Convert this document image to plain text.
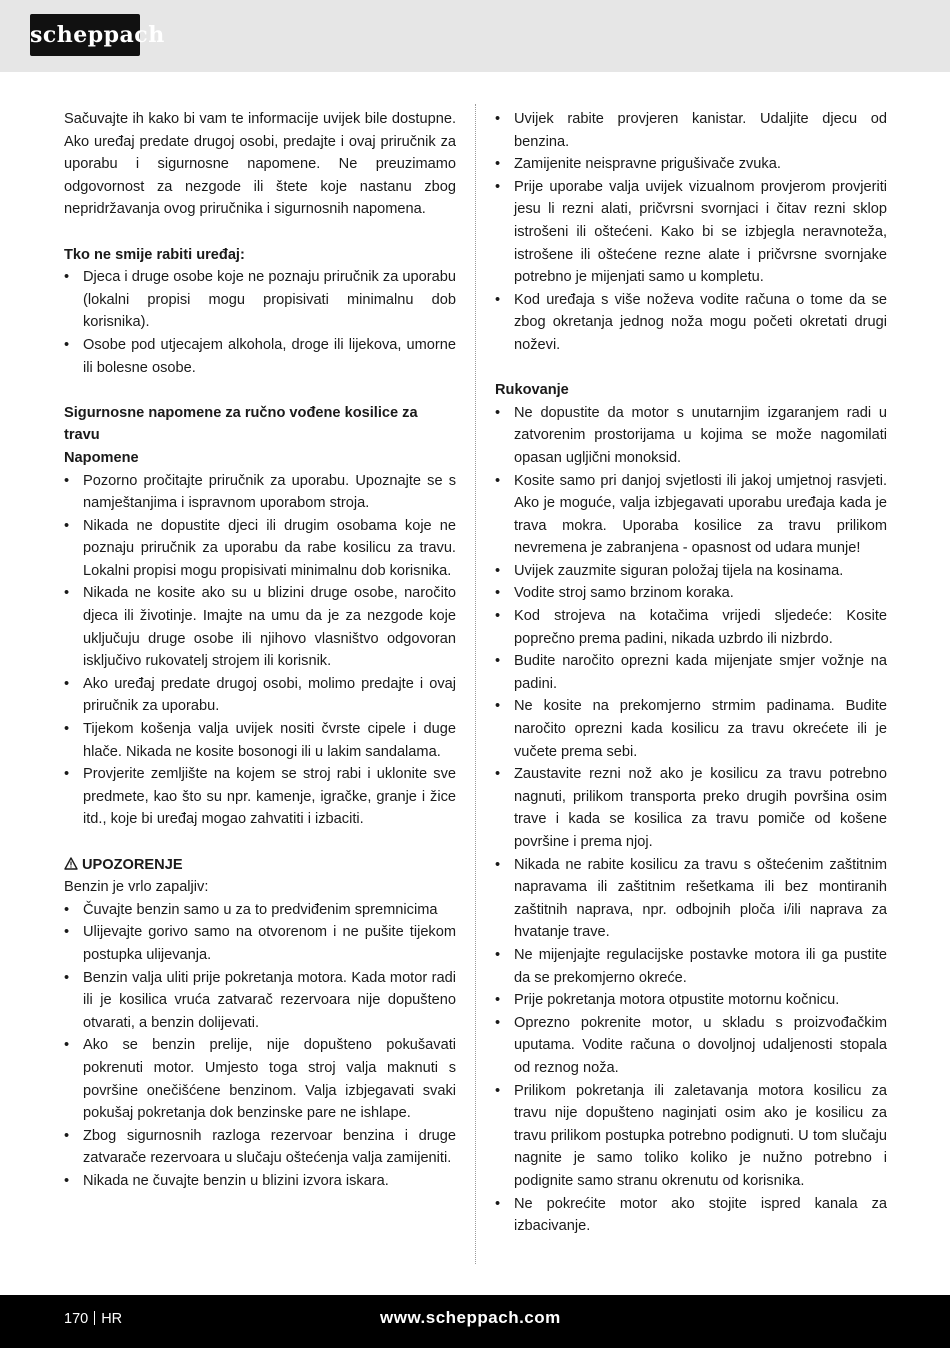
scheppach

Sačuvajte ih kako bi vam te informacije uvijek bile dostupne. Ako uređaj predate drugoj osobi, predajte i ovaj priručnik za uporabu i sigurnosne napomene. Ne preuzimamo odgovornost za nezgode ili štete koje nastanu zbog nepridržavanja ovog priručnika i sigurnosnih napomena.

Tko ne smije rabiti uređaj:

• Djeca i druge osobe koje ne poznaju priručnik za uporabu (lokalni propisi mogu propisivati minimalnu dob korisnika).
• Osobe pod utjecajem alkohola, droge ili lijekova, umorne ili bolesne osobe.

Sigurnosne napomene za ručno vođene kosilice za travu

Napomene

• Pozorno pročitajte priručnik za uporabu. Upoznajte se s namještanjima i ispravnom uporabom stroja.
• Nikada ne dopustite djeci ili drugim osobama koje ne poznaju priručnik za uporabu da rabe kosilicu za travu. Lokalni propisi mogu propisivati minimalnu dob korisnika.
• Nikada ne kosite ako su u blizini druge osobe, naročito djeca ili životinje. Imajte na umu da je za nezgode koje uključuju druge osobe ili njihovo vlasništvo odgovoran isključivo rukovatelj strojem ili korisnik.
• Ako uređaj predate drugoj osobi, molimo predajte i ovaj priručnik za uporabu.
• Tijekom košenja valja uvijek nositi čvrste cipele i duge hlače. Nikada ne kosite bosonogi ili u lakim sandalama.
• Provjerite zemljište na kojem se stroj rabi i uklonite sve predmete, kao što su npr. kamenje, igračke, granje i žice itd., koje bi uređaj mogao zahvatiti i izbaciti.

UPOZORENJE

Benzin je vrlo zapaljiv:

• Čuvajte benzin samo u za to predviđenim spremnicima
• Ulijevajte gorivo samo na otvorenom i ne pušite tijekom postupka ulijevanja.
• Benzin valja uliti prije pokretanja motora. Kada motor radi ili je kosilica vruća zatvarač rezervoara nije dopušteno otvarati, a benzin dolijevati.
• Ako se benzin prelije, nije dopušteno pokušavati pokrenuti motor. Umjesto toga stroj valja maknuti s površine onečišćene benzinom. Valja izbjegavati svaki pokušaj pokretanja dok benzinske pare ne ishlape.
• Zbog sigurnosnih razloga rezervoar benzina i druge zatvarače rezervoara u slučaju oštećenja valja zamijeniti.
• Nikada ne čuvajte benzin u blizini izvora iskara.
• Uvijek rabite provjeren kanistar. Udaljite djecu od benzina.
• Zamijenite neispravne prigušivače zvuka.
• Prije uporabe valja uvijek vizualnom provjerom provjeriti jesu li rezni alati, pričvrsni svornjaci i čitav rezni sklop istrošeni ili oštećeni. Kako bi se izbjegla neravnoteža, istrošene ili oštećene rezne alate i pričvrsne svornjake potrebno je mijenjati samo u kompletu.
• Kod uređaja s više noževa vodite računa o tome da se zbog okretanja jednog noža mogu početi okretati drugi noževi.

Rukovanje

• Ne dopustite da motor s unutarnjim izgaranjem radi u zatvorenim prostorijama u kojima se može nagomilati opasan ugljični monoksid.
• Kosite samo pri danjoj svjetlosti ili jakoj umjetnoj rasvjeti. Ako je moguće, valja izbjegavati uporabu uređaja kada je trava mokra. Uporaba kosilice za travu prilikom nevremena je zabranjena - opasnost od udara munje!
• Uvijek zauzmite siguran položaj tijela na kosinama.
• Vodite stroj samo brzinom koraka.
• Kod strojeva na kotačima vrijedi sljedeće: Kosite poprečno prema padini, nikada uzbrdo ili nizbrdo.
• Budite naročito oprezni kada mijenjate smjer vožnje na padini.
• Ne kosite na prekomjerno strmim padinama. Budite naročito oprezni kada kosilicu za travu okrećete ili je vučete prema sebi.
• Zaustavite rezni nož ako je kosilicu za travu potrebno nagnuti, prilikom transporta preko drugih površina osim trave i kada se kosilica za travu pomiče od košene površine i prema njoj.
• Nikada ne rabite kosilicu za travu s oštećenim zaštitnim napravama ili zaštitnim rešetkama ili bez montiranih zaštitnih naprava, npr. odbojnih ploča i/ili naprava za hvatanje trave.
• Ne mijenjajte regulacijske postavke motora ili ga pustite da se prekomjerno okreće.
• Prije pokretanja motora otpustite motornu kočnicu.
• Oprezno pokrenite motor, u skladu s proizvođačkim uputama. Vodite računa o dovoljnoj udaljenosti stopala od reznog noža.
• Prilikom pokretanja ili zaletavanja motora kosilicu za travu nije dopušteno naginjati osim ako je kosilicu za travu prilikom postupka potrebno podignuti. U tom slučaju nagnite je samo toliko koliko je nužno potrebno i podignite samo stranu okrenutu od korisnika.
• Ne pokrećite motor ako stojite ispred kanala za izbacivanje.
170 HR	www.scheppach.com
